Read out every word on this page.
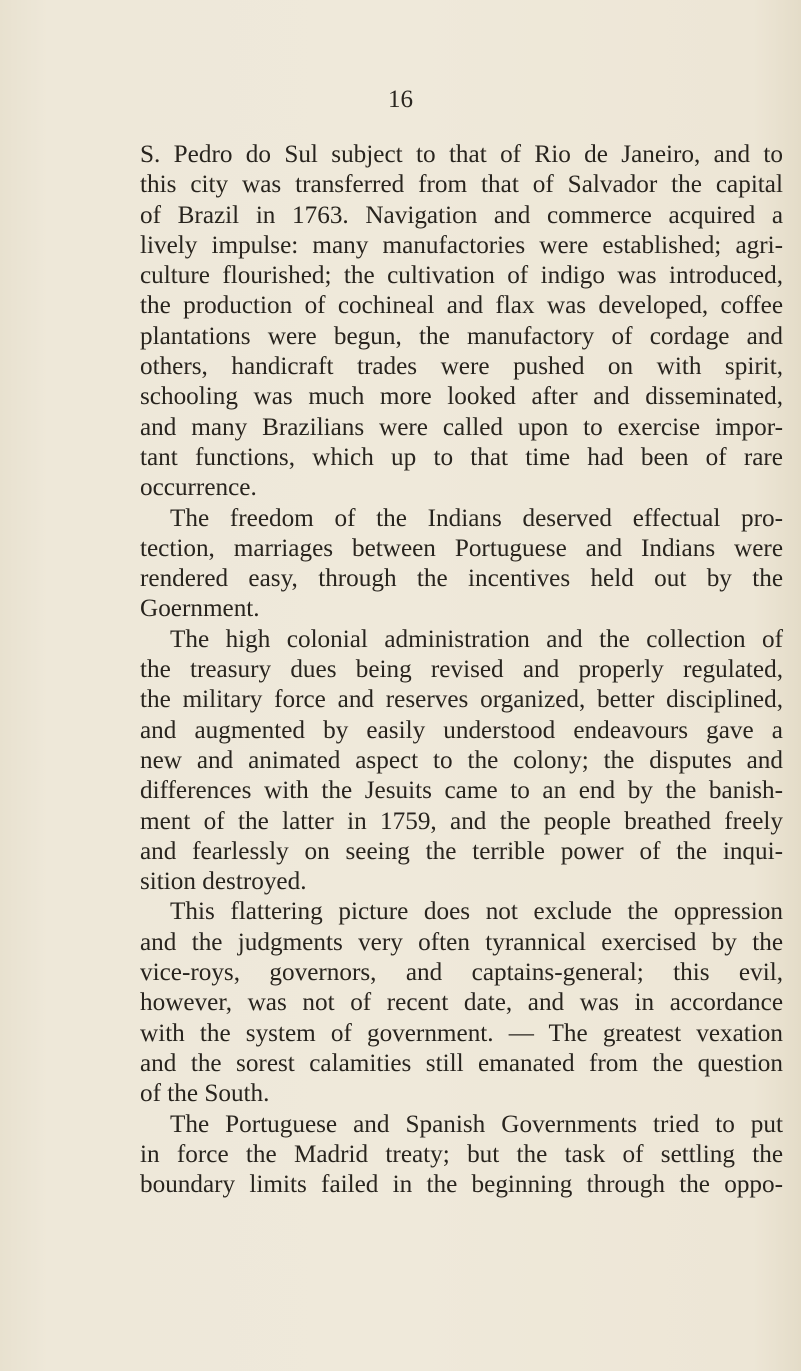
16

S. Pedro do Sul subject to that of Rio de Janeiro, and to
this city was transferred from that of Salvador the capital
of Brazil in 1763. Navigation and commerce acquired a
lively impulse: many manufactories were established; agri-
culture flourished; the cultivation of indigo was introduced,
the production of cochineal and flax was developed, coffee
plantations were begun, the manufactory of cordage and
others, handicraft trades were pushed on with spirit,
schooling was much more looked after and disseminated,
and many Brazilians were called upon to exercise impor-
tant functions, which up to that time had been of rare
occurrence.
The freedom of the Indians deserved effectual pro-
tection, marriages between Portuguese and Indians were
rendered easy, through the incentives held out by the
Goernment.
The high colonial administration and the collection of
the treasury dues being revised and properly regulated,
the military force and reserves organized, better disciplined,
and augmented by easily understood endeavours gave a
new and animated aspect to the colony; the disputes and
differences with the Jesuits came to an end by the banish-
ment of the latter in 1759, and the people breathed freely
and fearlessly on seeing the terrible power of the inqui-
sition destroyed.
This flattering picture does not exclude the oppression
and the judgments very often tyrannical exercised by the
vice-roys, governors, and captains-general; this evil,
however, was not of recent date, and was in accordance
with the system of government. — The greatest vexation
and the sorest calamities still emanated from the question
of the South.
The Portuguese and Spanish Governments tried to put
in force the Madrid treaty; but the task of settling the
boundary limits failed in the beginning through the oppo-
